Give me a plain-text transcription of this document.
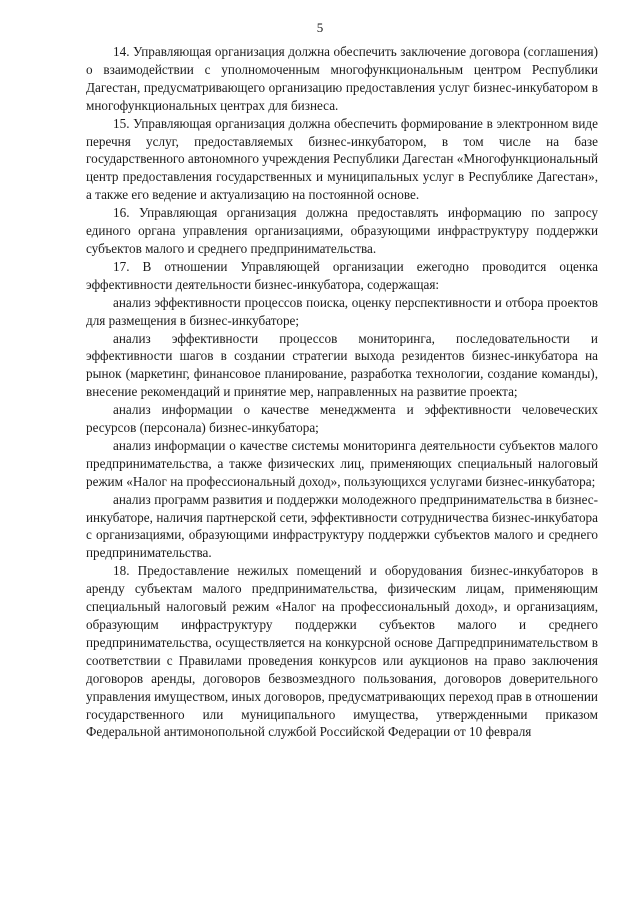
5

14. Управляющая организация должна обеспечить заключение договора (соглашения) о взаимодействии с уполномоченным многофункциональным центром Республики Дагестан, предусматривающего организацию предоставления услуг бизнес-инкубатором в многофункциональных центрах для бизнеса.

15. Управляющая организация должна обеспечить формирование в электронном виде перечня услуг, предоставляемых бизнес-инкубатором, в том числе на базе государственного автономного учреждения Республики Дагестан «Многофункциональный центр предоставления государственных и муниципальных услуг в Республике Дагестан», а также его ведение и актуализацию на постоянной основе.

16. Управляющая организация должна предоставлять информацию по запросу единого органа управления организациями, образующими инфраструктуру поддержки субъектов малого и среднего предпринимательства.

17. В отношении Управляющей организации ежегодно проводится оценка эффективности деятельности бизнес-инкубатора, содержащая:

анализ эффективности процессов поиска, оценку перспективности и отбора проектов для размещения в бизнес-инкубаторе;

анализ эффективности процессов мониторинга, последовательности и эффективности шагов в создании стратегии выхода резидентов бизнес-инкубатора на рынок (маркетинг, финансовое планирование, разработка технологии, создание команды), внесение рекомендаций и принятие мер, направленных на развитие проекта;

анализ информации о качестве менеджмента и эффективности человеческих ресурсов (персонала) бизнес-инкубатора;

анализ информации о качестве системы мониторинга деятельности субъектов малого предпринимательства, а также физических лиц, применяющих специальный налоговый режим «Налог на профессиональный доход», пользующихся услугами бизнес-инкубатора;

анализ программ развития и поддержки молодежного предпринимательства в бизнес-инкубаторе, наличия партнерской сети, эффективности сотрудничества бизнес-инкубатора с организациями, образующими инфраструктуру поддержки субъектов малого и среднего предпринимательства.

18. Предоставление нежилых помещений и оборудования бизнес-инкубаторов в аренду субъектам малого предпринимательства, физическим лицам, применяющим специальный налоговый режим «Налог на профессиональный доход», и организациям, образующим инфраструктуру поддержки субъектов малого и среднего предпринимательства, осуществляется на конкурсной основе Дагпредпринимательством в соответствии с Правилами проведения конкурсов или аукционов на право заключения договоров аренды, договоров безвозмездного пользования, договоров доверительного управления имуществом, иных договоров, предусматривающих переход прав в отношении государственного или муниципального имущества, утвержденными приказом Федеральной антимонопольной службой Российской Федерации от 10 февраля
